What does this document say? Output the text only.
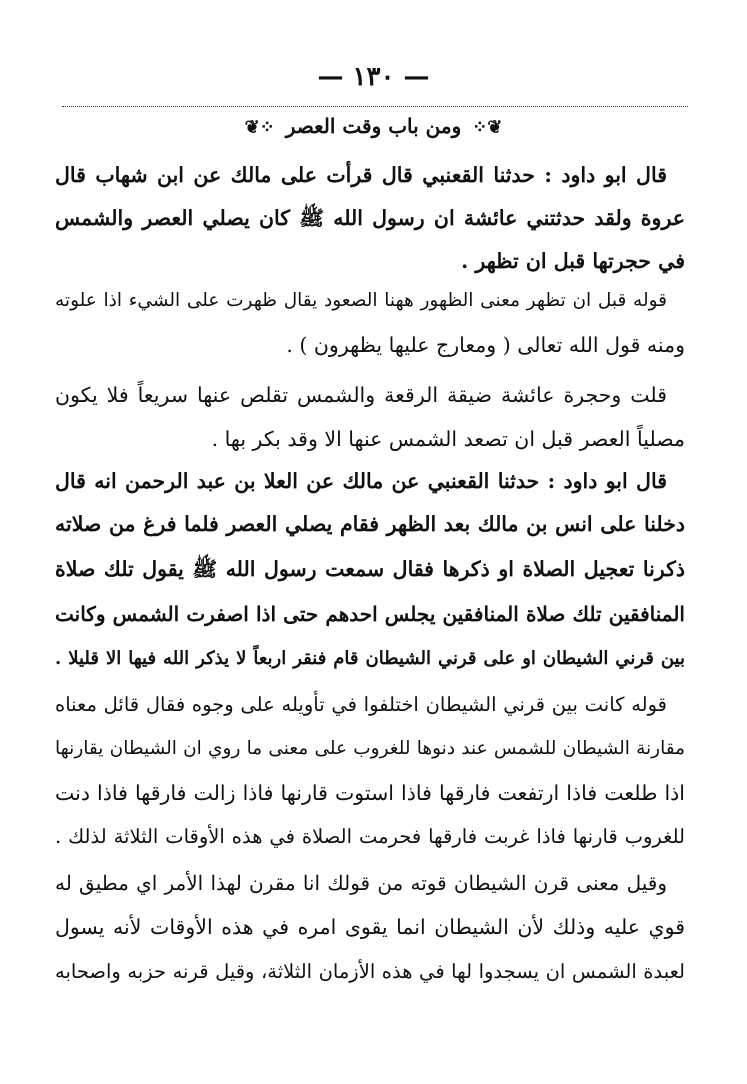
— ١٣٠ —
❦⁘ ومن باب وقت العصر ⁘❦
قال ابو داود : حدثنا القعنبي قال قرأت على مالك عن ابن شهاب قال
عروة ولقد حدثتني عائشة ان رسول الله ﷺ كان يصلي العصر والشمس
في حجرتها قبل ان تظهر .
قوله قبل ان تظهر معنى الظهور ههنا الصعود يقال ظهرت على الشيء اذا علوته
ومنه قول الله تعالى ( ومعارج عليها يظهرون ) .
قلت وحجرة عائشة ضيقة الرقعة والشمس تقلص عنها سريعاً فلا يكون
مصلياً العصر قبل ان تصعد الشمس عنها الا وقد بكر بها .
قال ابو داود : حدثنا القعنبي عن مالك عن العلا بن عبد الرحمن انه قال
دخلنا على انس بن مالك بعد الظهر فقام يصلي العصر فلما فرغ من صلاته
ذكرنا تعجيل الصلاة او ذكرها فقال سمعت رسول الله ﷺ يقول تلك صلاة
المنافقين تلك صلاة المنافقين يجلس احدهم حتى اذا اصفرت الشمس وكانت
بين قرني الشيطان او على قرني الشيطان قام فنقر اربعاً لا يذكر الله فيها الا قليلا .
قوله كانت بين قرني الشيطان اختلفوا في تأويله على وجوه فقال قائل معناه
مقارنة الشيطان للشمس عند دنوها للغروب على معنى ما روي ان الشيطان يقارنها
اذا طلعت فاذا ارتفعت فارقها فاذا استوت قارنها فاذا زالت فارقها فاذا دنت
للغروب قارنها فاذا غربت فارقها فحرمت الصلاة في هذه الأوقات الثلاثة لذلك .
وقيل معنى قرن الشيطان قوته من قولك انا مقرن لهذا الأمر اي مطيق له
قوي عليه وذلك لأن الشيطان انما يقوى امره في هذه الأوقات لأنه يسول
لعبدة الشمس ان يسجدوا لها في هذه الأزمان الثلاثة، وقيل قرنه حزبه واصحابه
